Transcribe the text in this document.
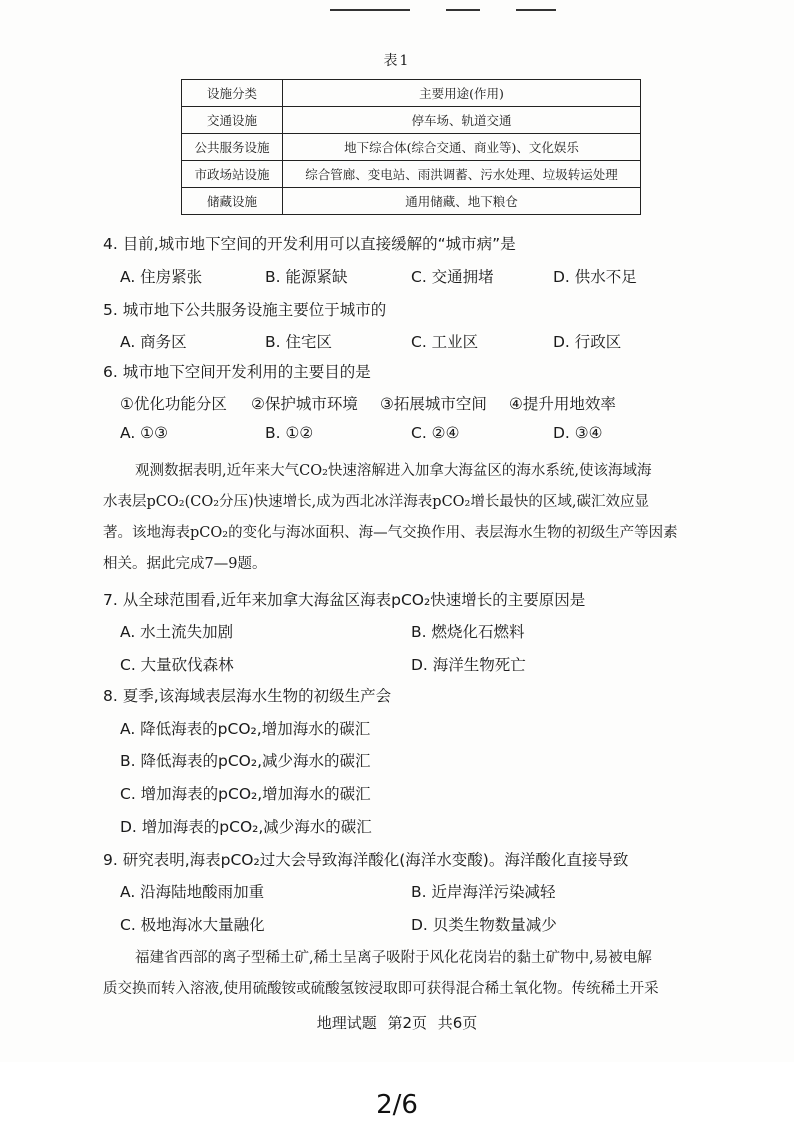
表1
设施分类	主要用途(作用)
交通设施	停车场、轨道交通
公共服务设施	地下综合体(综合交通、商业等)、文化娱乐
市政场站设施	综合管廊、变电站、雨洪调蓄、污水处理、垃圾转运处理
储藏设施	通用储藏、地下粮仓
4. 目前,城市地下空间的开发利用可以直接缓解的“城市病”是
A. 住房紧张	B. 能源紧缺	C. 交通拥堵	D. 供水不足
5. 城市地下公共服务设施主要位于城市的
A. 商务区	B. 住宅区	C. 工业区	D. 行政区
6. 城市地下空间开发利用的主要目的是
①优化功能分区 ②保护城市环境 ③拓展城市空间 ④提升用地效率
A. ①③	B. ①②	C. ②④	D. ③④
观测数据表明,近年来大气CO₂快速溶解进入加拿大海盆区的海水系统,使该海域海
水表层pCO₂(CO₂分压)快速增长,成为西北冰洋海表pCO₂增长最快的区域,碳汇效应显
著。该地海表pCO₂的变化与海冰面积、海—气交换作用、表层海水生物的初级生产等因素
相关。据此完成7—9题。
7. 从全球范围看,近年来加拿大海盆区海表pCO₂快速增长的主要原因是
A. 水土流失加剧	B. 燃烧化石燃料
C. 大量砍伐森林	D. 海洋生物死亡
8. 夏季,该海域表层海水生物的初级生产会
A. 降低海表的pCO₂,增加海水的碳汇
B. 降低海表的pCO₂,减少海水的碳汇
C. 增加海表的pCO₂,增加海水的碳汇
D. 增加海表的pCO₂,减少海水的碳汇
9. 研究表明,海表pCO₂过大会导致海洋酸化(海洋水变酸)。海洋酸化直接导致
A. 沿海陆地酸雨加重	B. 近岸海洋污染减轻
C. 极地海冰大量融化	D. 贝类生物数量减少
福建省西部的离子型稀土矿,稀土呈离子吸附于风化花岗岩的黏土矿物中,易被电解
质交换而转入溶液,使用硫酸铵或硫酸氢铵浸取即可获得混合稀土氧化物。传统稀土开采
地理试题 第2页 共6页
2/6
